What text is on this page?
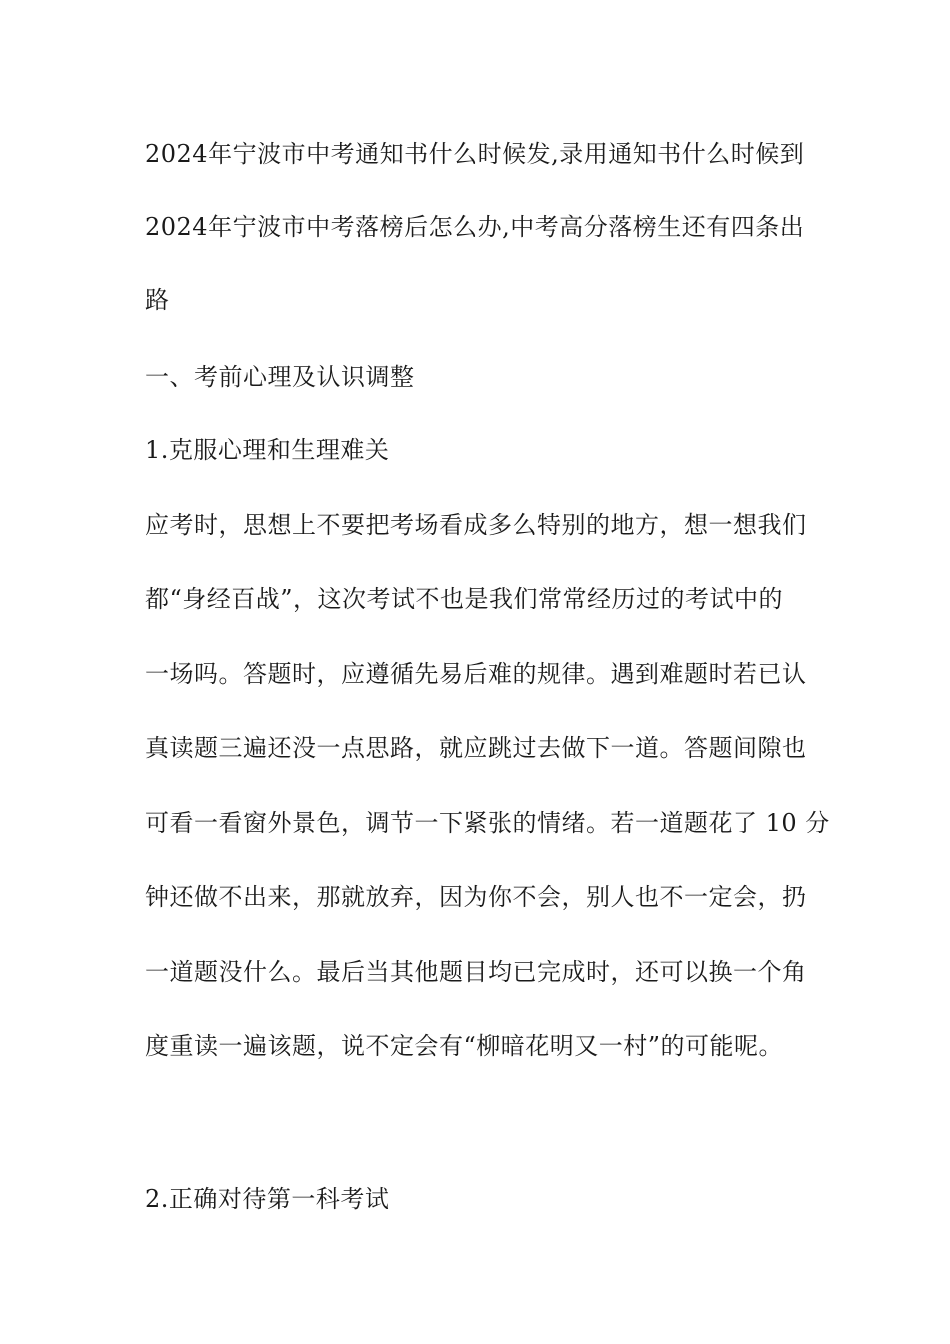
2024年宁波市中考通知书什么时候发,录用通知书什么时候到
2024年宁波市中考落榜后怎么办,中考高分落榜生还有四条出
路
一、考前心理及认识调整
1.克服心理和生理难关
应考时，思想上不要把考场看成多么特别的地方，想一想我们
都“身经百战”，这次考试不也是我们常常经历过的考试中的
一场吗。答题时，应遵循先易后难的规律。遇到难题时若已认
真读题三遍还没一点思路，就应跳过去做下一道。答题间隙也
可看一看窗外景色，调节一下紧张的情绪。若一道题花了 10 分
钟还做不出来，那就放弃，因为你不会，别人也不一定会，扔
一道题没什么。最后当其他题目均已完成时，还可以换一个角
度重读一遍该题，说不定会有“柳暗花明又一村”的可能呢。
2.正确对待第一科考试
